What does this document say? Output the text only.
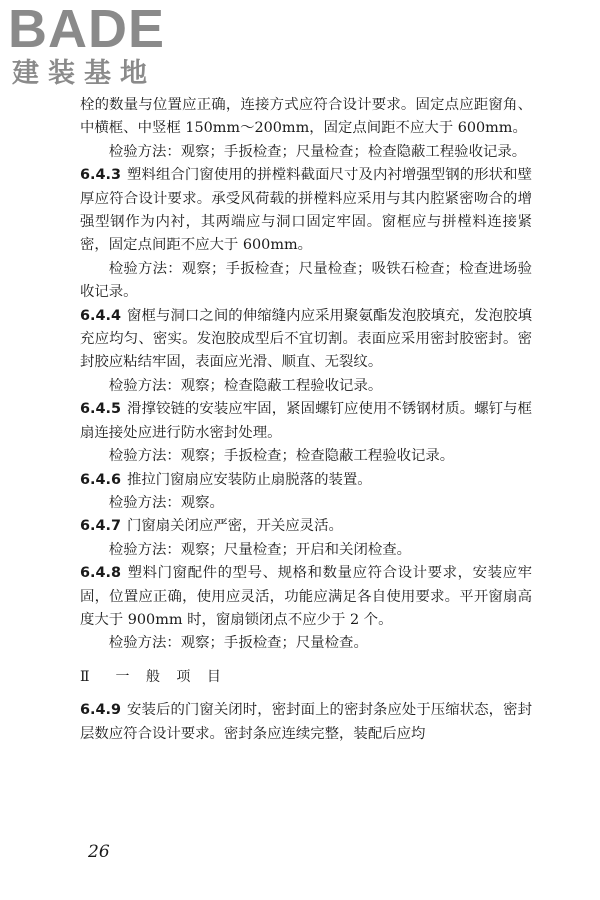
BADE
建装基地

栓的数量与位置应正确，连接方式应符合设计要求。固定点应距窗角、中横框、中竖框 150mm～200mm，固定点间距不应大于 600mm。

检验方法：观察；手扳检查；尺量检查；检查隐蔽工程验收记录。

6.4.3 塑料组合门窗使用的拼樘料截面尺寸及内衬增强型钢的形状和壁厚应符合设计要求。承受风荷载的拼樘料应采用与其内腔紧密吻合的增强型钢作为内衬，其两端应与洞口固定牢固。窗框应与拼樘料连接紧密，固定点间距不应大于 600mm。

检验方法：观察；手扳检查；尺量检查；吸铁石检查；检查进场验收记录。

6.4.4 窗框与洞口之间的伸缩缝内应采用聚氨酯发泡胶填充，发泡胶填充应均匀、密实。发泡胶成型后不宜切割。表面应采用密封胶密封。密封胶应粘结牢固，表面应光滑、顺直、无裂纹。

检验方法：观察；检查隐蔽工程验收记录。

6.4.5 滑撑铰链的安装应牢固，紧固螺钉应使用不锈钢材质。螺钉与框扇连接处应进行防水密封处理。

检验方法：观察；手扳检查；检查隐蔽工程验收记录。

6.4.6 推拉门窗扇应安装防止扇脱落的装置。

检验方法：观察。

6.4.7 门窗扇关闭应严密，开关应灵活。

检验方法：观察；尺量检查；开启和关闭检查。

6.4.8 塑料门窗配件的型号、规格和数量应符合设计要求，安装应牢固，位置应正确，使用应灵活，功能应满足各自使用要求。平开窗扇高度大于 900mm 时，窗扇锁闭点不应少于 2 个。

检验方法：观察；手扳检查；尺量检查。

Ⅱ　一 般 项 目

6.4.9 安装后的门窗关闭时，密封面上的密封条应处于压缩状态，密封层数应符合设计要求。密封条应连续完整，装配后应均

26
